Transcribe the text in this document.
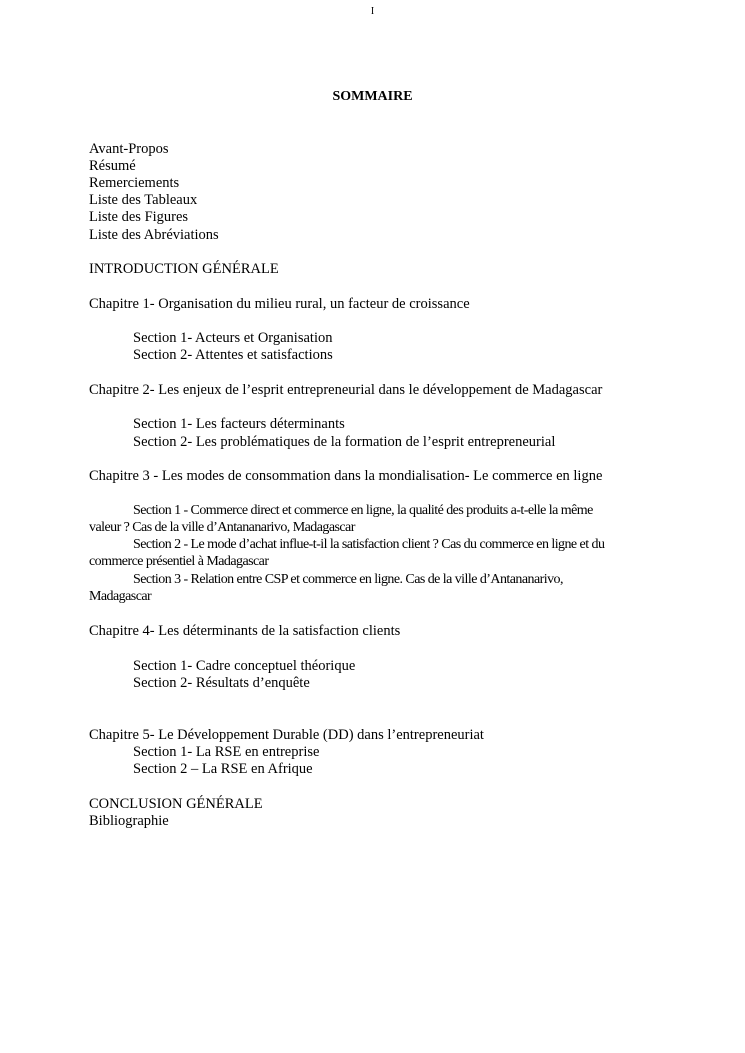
I
SOMMAIRE
Avant-Propos
Résumé
Remerciements
Liste des Tableaux
Liste des Figures
Liste des Abréviations
INTRODUCTION GÉNÉRALE
Chapitre 1- Organisation du milieu rural, un facteur de croissance
Section 1- Acteurs et Organisation
Section 2- Attentes et satisfactions
Chapitre 2- Les enjeux de l’esprit entrepreneurial dans le développement de Madagascar
Section 1- Les facteurs déterminants
Section 2- Les problématiques de la formation de l’esprit entrepreneurial
Chapitre 3 - Les modes de consommation dans la mondialisation- Le commerce en ligne
Section 1 - Commerce direct et commerce en ligne, la qualité des produits a-t-elle la même
valeur ? Cas de la ville d’Antananarivo, Madagascar
Section 2 - Le mode d’achat influe-t-il la satisfaction client ? Cas du commerce en ligne et du
commerce présentiel à Madagascar
Section 3 - Relation entre CSP et commerce en ligne. Cas de la ville d’Antananarivo,
Madagascar
Chapitre 4- Les déterminants de la satisfaction clients
Section 1- Cadre conceptuel théorique
Section 2- Résultats d’enquête
Chapitre 5- Le Développement Durable (DD) dans l’entrepreneuriat
Section 1- La RSE en entreprise
Section 2 – La RSE en Afrique
CONCLUSION GÉNÉRALE
Bibliographie
